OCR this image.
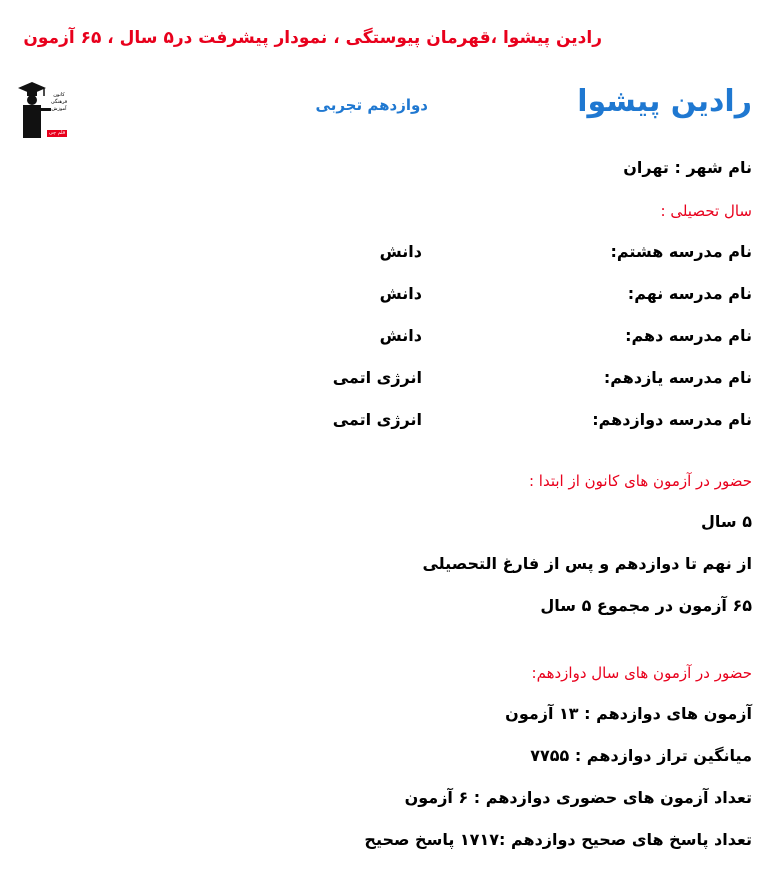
رادین پیشوا ،قهرمان پیوستگی ، نمودار پیشرفت در۵ سال ، ۶۵ آزمون
کانون
فرهنگی
آموزش
قلم چی
رادین پیشوا
دوازدهم تجربی
نام شهر : تهران
سال تحصیلی :
نام مدرسه هشتم:
دانش
نام مدرسه نهم:
دانش
نام مدرسه دهم:
دانش
نام مدرسه یازدهم:
انرژی اتمی
نام مدرسه دوازدهم:
انرژی اتمی
حضور در آزمون های کانون از ابتدا :
۵ سال
از نهم تا دوازدهم و پس از فارغ التحصیلی
۶۵ آزمون در مجموع ۵ سال
حضور در آزمون های سال دوازدهم:
آزمون های دوازدهم : ۱۳ آزمون
میانگین تراز دوازدهم : ۷۷۵۵
تعداد آزمون های حضوری دوازدهم : ۶ آزمون
تعداد پاسخ های صحیح دوازدهم :۱۷۱۷ پاسخ صحیح
